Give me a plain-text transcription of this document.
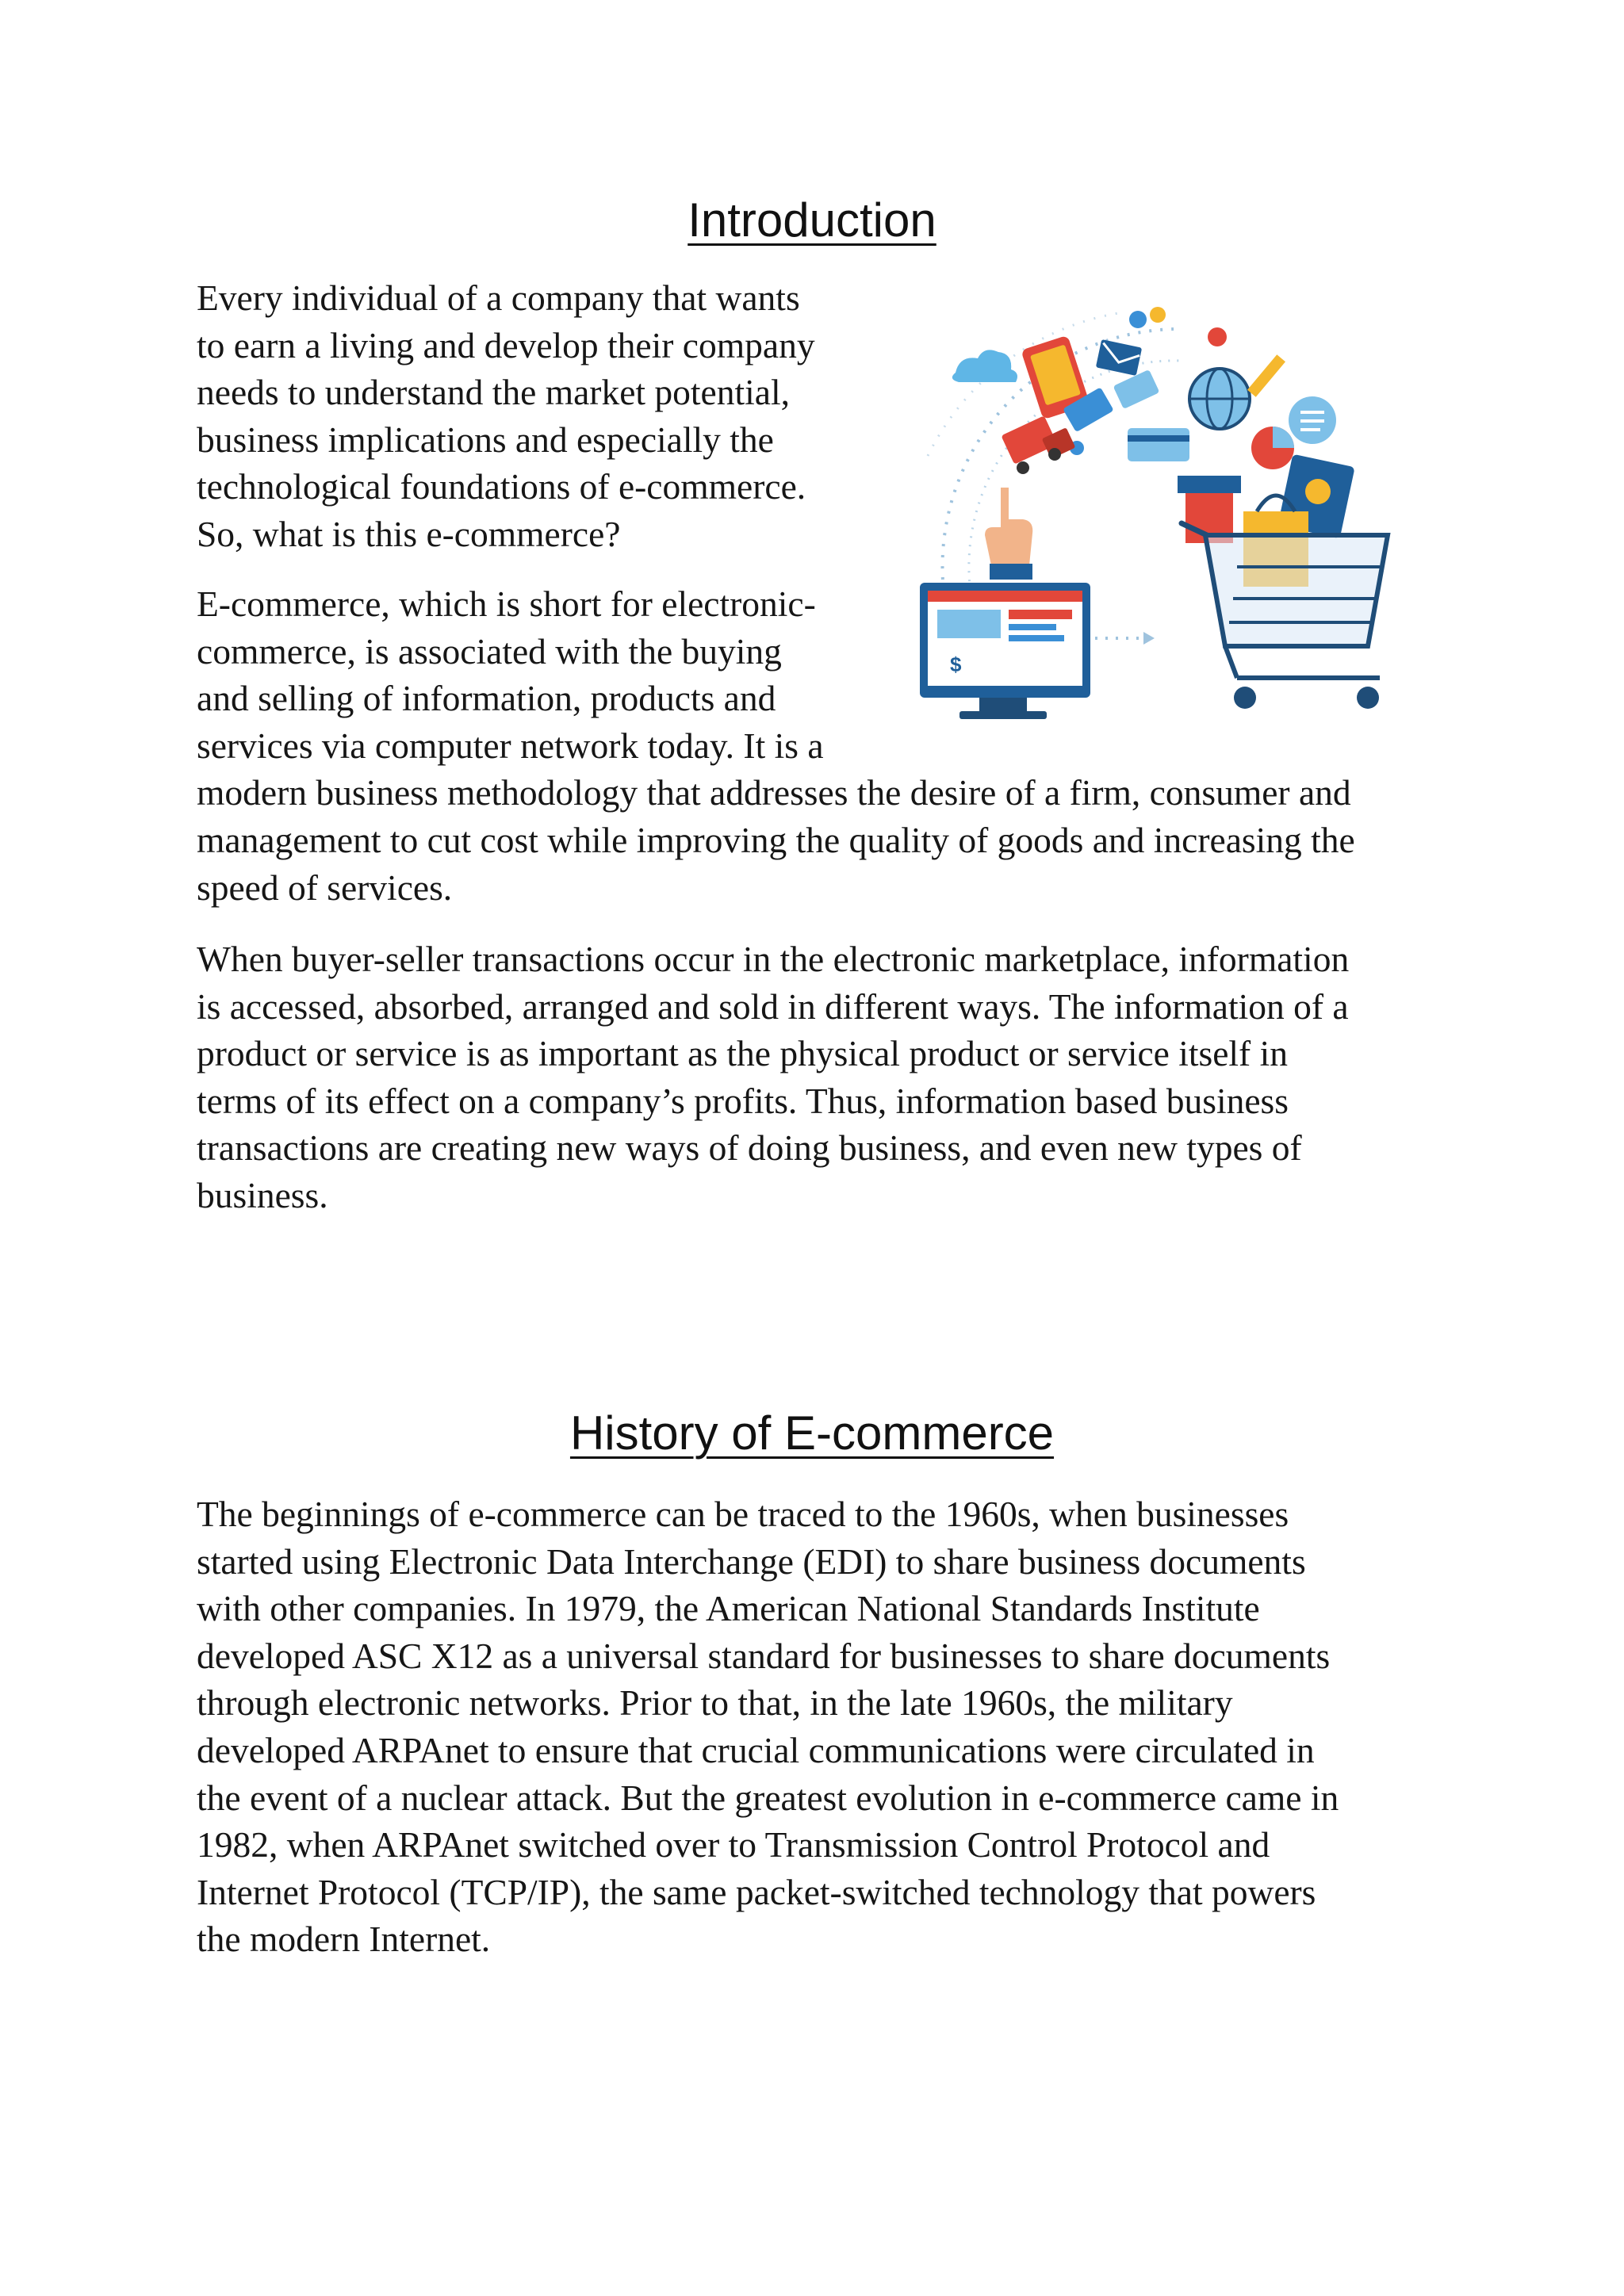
Introduction

Every individual of a company that wants
to earn a living and develop their company
needs to understand the market potential,
business implications and especially the
technological foundations of e-commerce.
So, what is this e-commerce?

E-commerce, which is short for electronic-
commerce, is associated with the buying
and selling of information, products and
services via computer network today. It is a
modern business methodology that addresses the desire of a firm, consumer and
management to cut cost while improving the quality of goods and increasing the
speed of services.

When buyer-seller transactions occur in the electronic marketplace, information
is accessed, absorbed, arranged and sold in different ways. The information of a
product or service is as important as the physical product or service itself in
terms of its effect on a company’s profits. Thus, information based business
transactions are creating new ways of doing business, and even new types of
business.

$
History of E-commerce

The beginnings of e-commerce can be traced to the 1960s, when businesses
started using Electronic Data Interchange (EDI) to share business documents
with other companies. In 1979, the American National Standards Institute
developed ASC X12 as a universal standard for businesses to share documents
through electronic networks. Prior to that, in the late 1960s, the military
developed ARPAnet to ensure that crucial communications were circulated in
the event of a nuclear attack. But the greatest evolution in e-commerce came in
1982, when ARPAnet switched over to Transmission Control Protocol and
Internet Protocol (TCP/IP), the same packet-switched technology that powers
the modern Internet.
